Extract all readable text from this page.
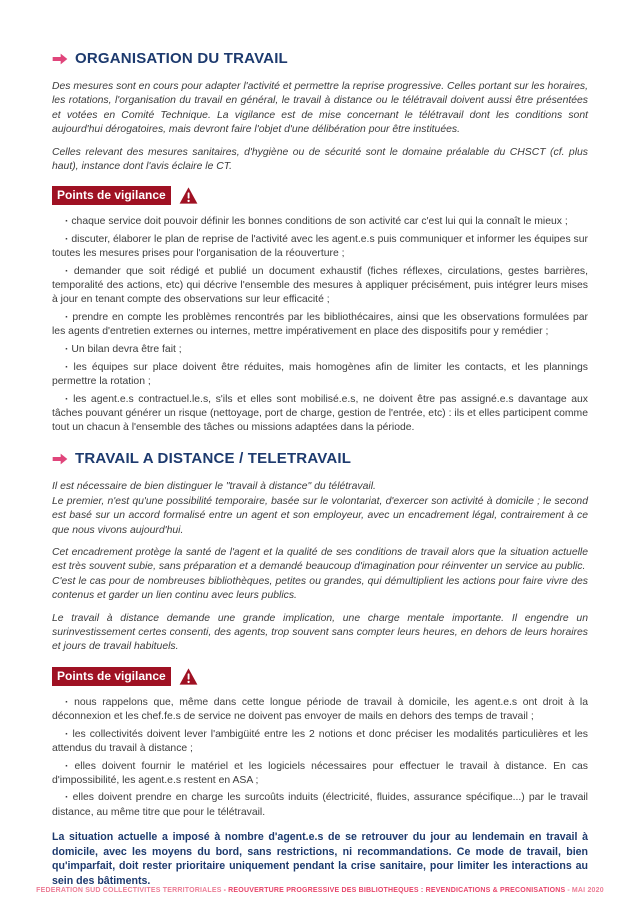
ORGANISATION DU TRAVAIL

Des mesures sont en cours pour adapter l'activité et permettre la reprise progressive. Celles portant sur les horaires, les rotations, l'organisation du travail en général, le travail à distance ou le télétravail doivent aussi être présentées et votées en Comité Technique. La vigilance est de mise concernant le télétravail dont les conditions sont aujourd'hui dérogatoires, mais devront faire l'objet d'une délibération pour être instituées.

Celles relevant des mesures sanitaires, d'hygiène ou de sécurité sont le domaine préalable du CHSCT (cf. plus haut), instance dont l'avis éclaire le CT.

Points de vigilance

· chaque service doit pouvoir définir les bonnes conditions de son activité car c'est lui qui la connaît le mieux ;

· discuter, élaborer le plan de reprise de l'activité avec les agent.e.s puis communiquer et informer les équipes sur toutes les mesures prises pour l'organisation de la réouverture ;

· demander que soit rédigé et publié un document exhaustif (fiches réflexes, circulations, gestes barrières, temporalité des actions, etc) qui décrive l'ensemble des mesures à appliquer précisément, puis intégrer leurs mises à jour en tenant compte des observations sur leur efficacité ;

· prendre en compte les problèmes rencontrés par les bibliothécaires, ainsi que les observations formulées par les agents d'entretien externes ou internes, mettre impérativement en place des dispositifs pour y remédier ;

· Un bilan devra être fait ;

· les équipes sur place doivent être réduites, mais homogènes afin de limiter les contacts, et les plannings permettre la rotation ;

· les agent.e.s contractuel.le.s, s'ils et elles sont mobilisé.e.s, ne doivent être pas assigné.e.s davantage aux tâches pouvant générer un risque (nettoyage, port de charge, gestion de l'entrée, etc) : ils et elles participent comme tout un chacun à l'ensemble des tâches ou missions adaptées dans la période.

TRAVAIL A DISTANCE / TELETRAVAIL

Il est nécessaire de bien distinguer le "travail à distance" du télétravail.

Le premier, n'est qu'une possibilité temporaire, basée sur le volontariat, d'exercer son activité à domicile ; le second est basé sur un accord formalisé entre un agent et son employeur, avec un encadrement légal, contrairement à ce que nous vivons aujourd'hui.

Cet encadrement protège la santé de l'agent et la qualité de ses conditions de travail alors que la situation actuelle est très souvent subie, sans préparation et a demandé beaucoup d'imagination pour réinventer un service au public.

C'est le cas pour de nombreuses bibliothèques, petites ou grandes, qui démultiplient les actions pour faire vivre des contenus et garder un lien continu avec leurs publics.

Le travail à distance demande une grande implication, une charge mentale importante. Il engendre un surinvestissement certes consenti, des agents, trop souvent sans compter leurs heures, en dehors de leurs horaires et jours de travail habituels.

Points de vigilance

· nous rappelons que, même dans cette longue période de travail à domicile, les agent.e.s ont droit à la déconnexion et les chef.fe.s de service ne doivent pas envoyer de mails en dehors des temps de travail ;

· les collectivités doivent lever l'ambigüité entre les 2 notions et donc préciser les modalités particulières et les attendus du travail à distance ;

· elles doivent fournir le matériel et les logiciels nécessaires pour effectuer le travail à distance. En cas d'impossibilité, les agent.e.s restent en ASA ;

· elles doivent prendre en charge les surcoûts induits (électricité, fluides, assurance spécifique...) par le travail distance, au même titre que pour le télétravail.

La situation actuelle a imposé à nombre d'agent.e.s de se retrouver du jour au lendemain en travail à domicile, avec les moyens du bord, sans restrictions, ni recommandations. Ce mode de travail, bien qu'imparfait, doit rester prioritaire uniquement pendant la crise sanitaire, pour limiter les interactions au sein des bâtiments.

FEDERATION SUD COLLECTIVITES TERRITORIALES - REOUVERTURE PROGRESSIVE DES BIBLIOTHEQUES : REVENDICATIONS & PRECONISATIONS - MAI 2020
